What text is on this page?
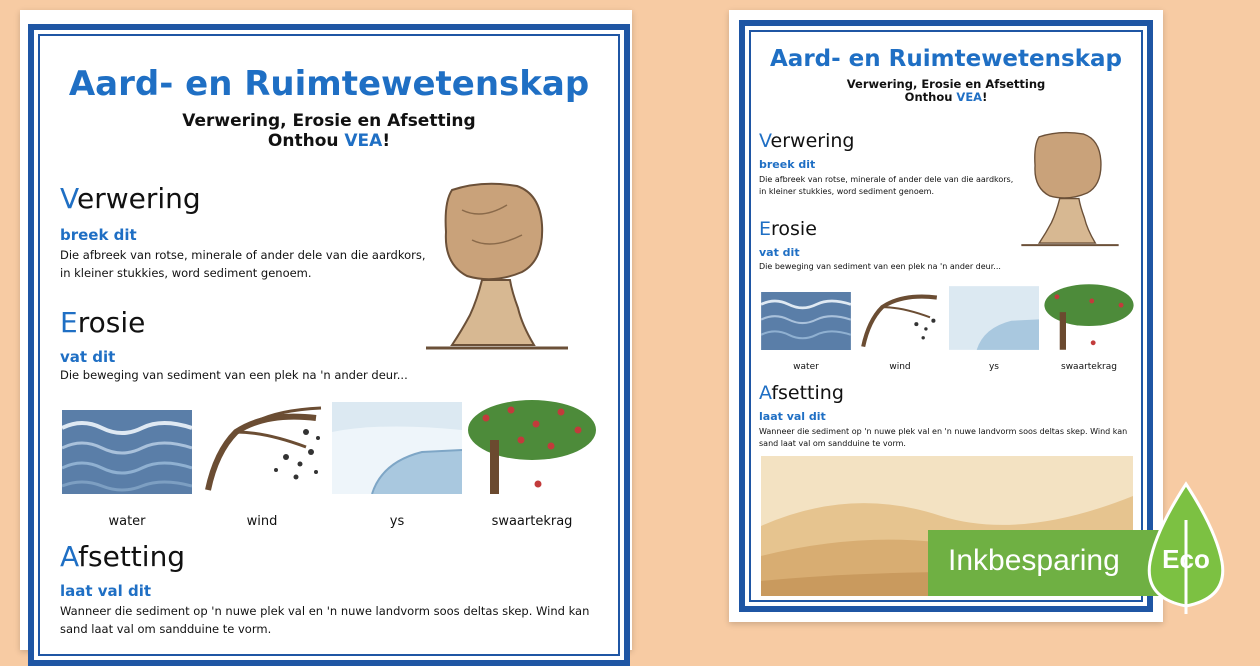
Aard- en Ruimtewetenskap
Verwering, Erosie en Afsetting
Onthou VEA!
Verwering
breek dit
Die afbreek van rotse, minerale of ander dele van die aardkors, in kleiner stukkies, word sediment genoem.
Erosie
vat dit
Die beweging van sediment van een plek na 'n ander deur...
water	wind	ys	swaartekrag
Afsetting
laat val dit
Wanneer die sediment op 'n nuwe plek val en 'n nuwe landvorm soos deltas skep. Wind kan sand laat val om sandduine te vorm.
Aard- en Ruimtewetenskap
Verwering, Erosie en Afsetting
Onthou VEA!
Verwering
breek dit
Die afbreek van rotse, minerale of ander dele van die aardkors, in kleiner stukkies, word sediment genoem.
Erosie
vat dit
Die beweging van sediment van een plek na 'n ander deur...
water	wind	ys	swaartekrag
Afsetting
laat val dit
Wanneer die sediment op 'n nuwe plek val en 'n nuwe landvorm soos deltas skep. Wind kan sand laat val om sandduine te vorm.
Inkbesparing Eco
